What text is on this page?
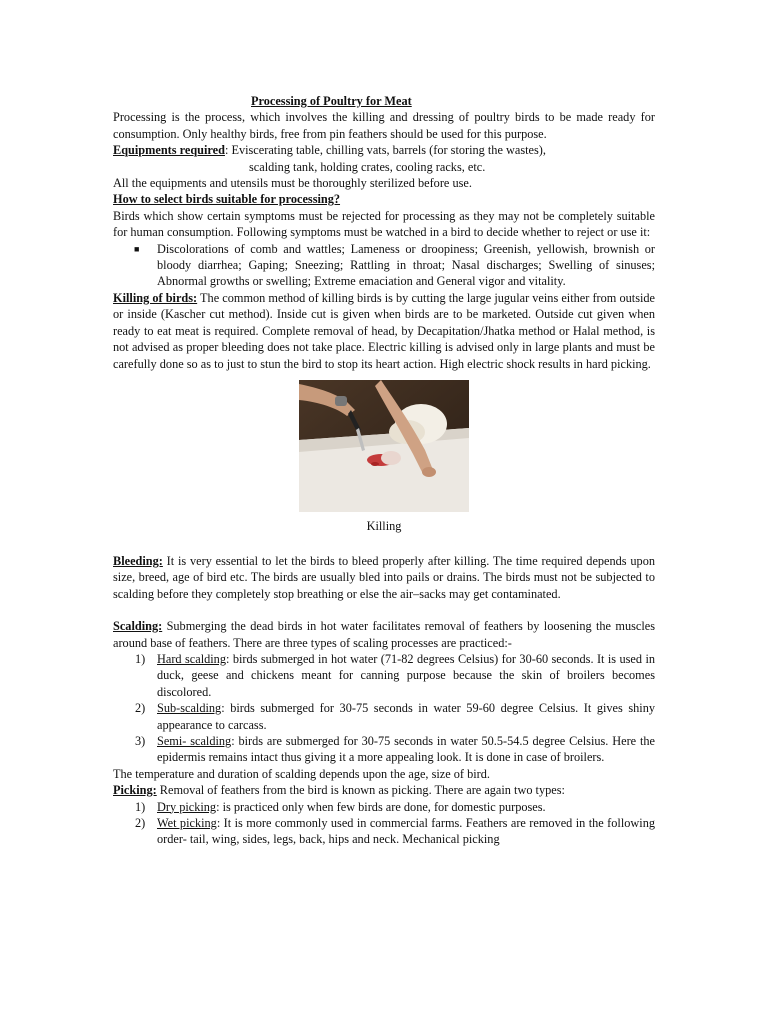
Processing of Poultry for Meat

Processing is the process, which involves the killing and dressing of poultry birds to be made ready for consumption. Only healthy birds, free from pin feathers should be used for this purpose.

Equipments required: Eviscerating table, chilling vats, barrels (for storing the wastes),

scalding tank, holding crates, cooling racks, etc.

All the equipments and utensils must be thoroughly sterilized before use.

How to select birds suitable for processing?

Birds which show certain symptoms must be rejected for processing as they may not be completely suitable for human consumption. Following symptoms must be watched in a bird to decide whether to reject or use it:

■ Discolorations of comb and wattles; Lameness or droopiness; Greenish, yellowish, brownish or bloody diarrhea; Gaping; Sneezing; Rattling in throat; Nasal discharges; Swelling of sinuses; Abnormal growths or swelling; Extreme emaciation and General vigor and vitality.

Killing of birds: The common method of killing birds is by cutting the large jugular veins either from outside or inside (Kascher cut method). Inside cut is given when birds are to be marketed. Outside cut given when ready to eat meat is required. Complete removal of head, by Decapitation/Jhatka method or Halal method, is not advised as proper bleeding does not take place. Electric killing is advised only in large plants and must be carefully done so as to just to stun the bird to stop its heart action. High electric shock results in hard picking.

Killing

Bleeding: It is very essential to let the birds to bleed properly after killing. The time required depends upon size, breed, age of bird etc. The birds are usually bled into pails or drains. The birds must not be subjected to scalding before they completely stop breathing or else the air–sacks may get contaminated.

Scalding: Submerging the dead birds in hot water facilitates removal of feathers by loosening the muscles around base of feathers. There are three types of scaling processes are practiced:-

1) Hard scalding: birds submerged in hot water (71-82 degrees Celsius) for 30-60 seconds. It is used in duck, geese and chickens meant for canning purpose because the skin of broilers becomes discolored.
2) Sub-scalding: birds submerged for 30-75 seconds in water 59-60 degree Celsius. It gives shiny appearance to carcass.
3) Semi- scalding: birds are submerged for 30-75 seconds in water 50.5-54.5 degree Celsius. Here the epidermis remains intact thus giving it a more appealing look. It is done in case of broilers.

The temperature and duration of scalding depends upon the age, size of bird.

Picking: Removal of feathers from the bird is known as picking. There are again two types:

1) Dry picking: is practiced only when few birds are done, for domestic purposes.
2) Wet picking: It is more commonly used in commercial farms. Feathers are removed in the following order- tail, wing, sides, legs, back, hips and neck. Mechanical picking
